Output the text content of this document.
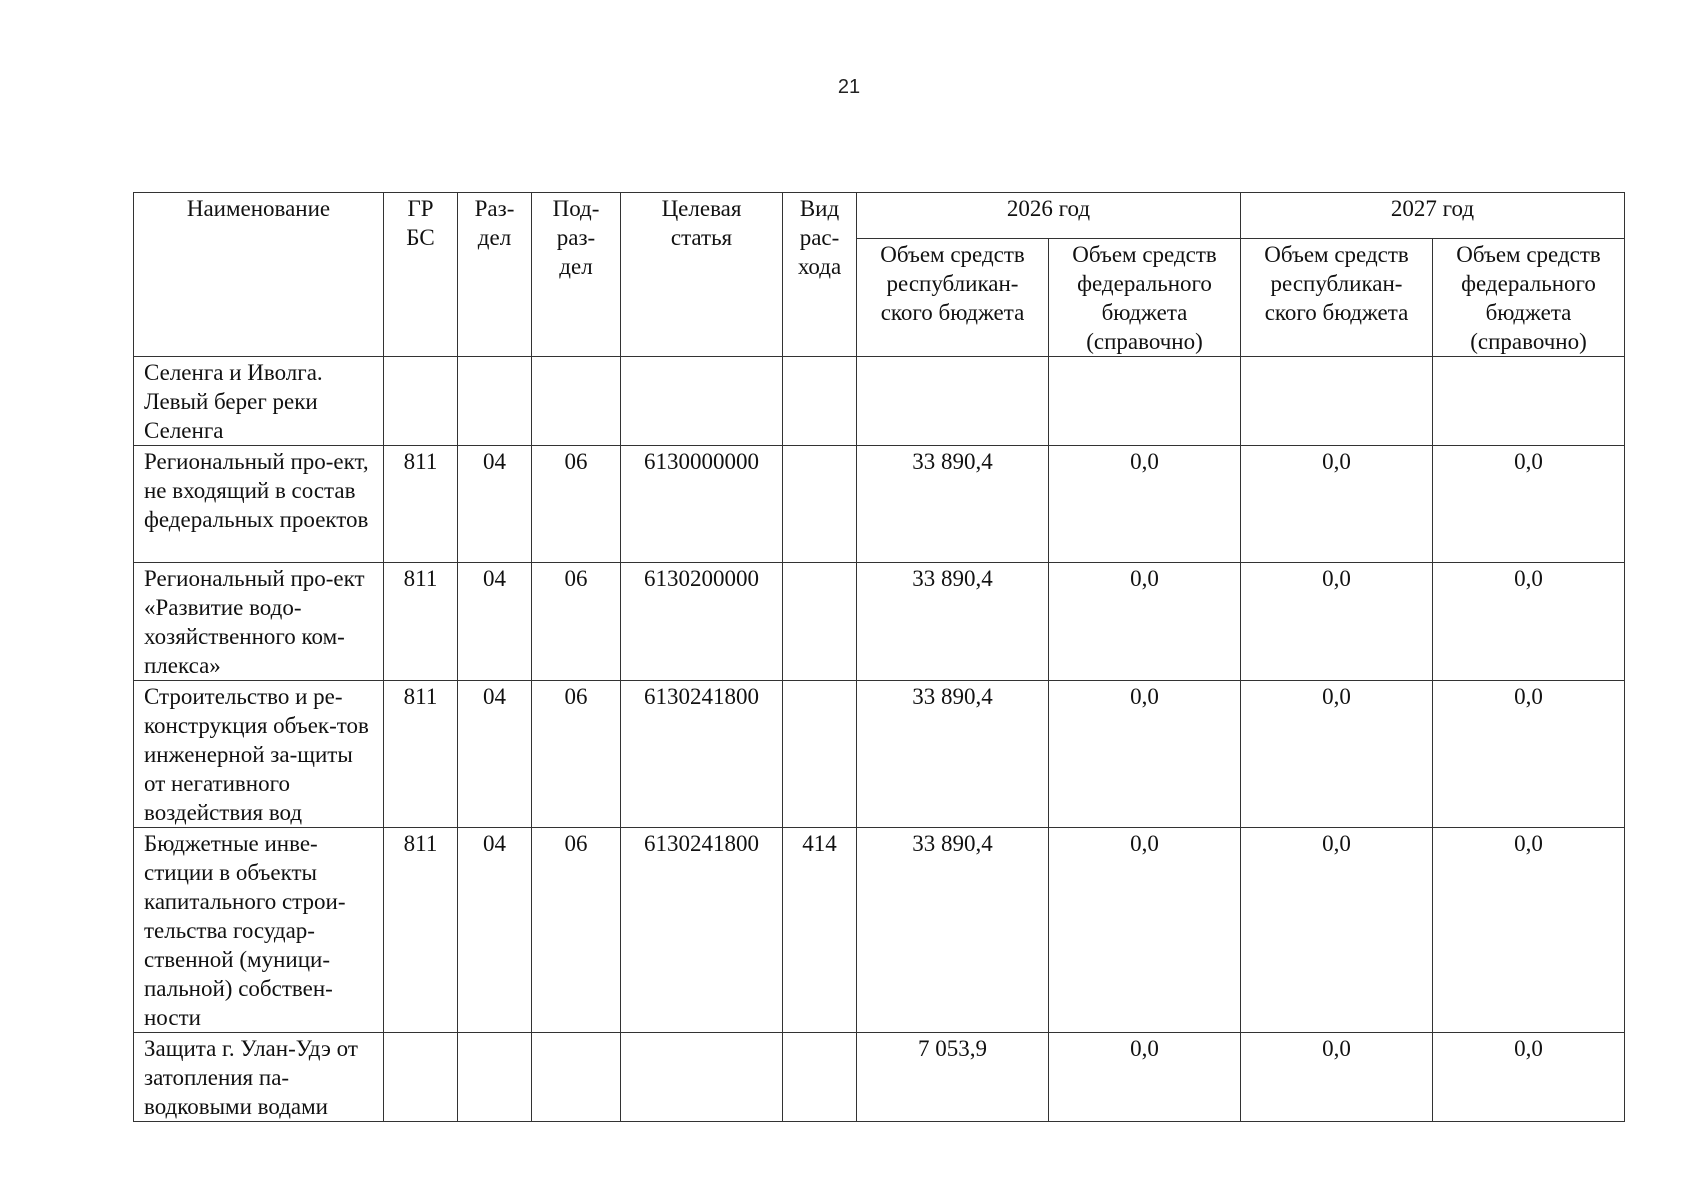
21
Наименование	ГР БС	Раз-дел	Под-раз-дел	Целевая статья	Вид рас-хода	2026 год		2027 год	
						Объем средств республикан-ского бюджета	Объем средств федерального бюджета (справочно)	Объем средств республикан-ского бюджета	Объем средств федерального бюджета (справочно)
Селенга и Иволга. Левый берег реки Селенга									
Региональный про-ект, не входящий в состав федеральных проектов	811	04	06	6130000000		33 890,4	0,0	0,0	0,0
Региональный про-ект «Развитие водо-хозяйственного ком-плекса»	811	04	06	6130200000		33 890,4	0,0	0,0	0,0
Строительство и ре-конструкция объек-тов инженерной за-щиты от негативного воздействия вод	811	04	06	6130241800		33 890,4	0,0	0,0	0,0
Бюджетные инве-стиции в объекты капитального строи-тельства государ-ственной (муници-пальной) собствен-ности	811	04	06	6130241800	414	33 890,4	0,0	0,0	0,0
Защита г. Улан-Удэ от затопления па-водковыми водами						7 053,9	0,0	0,0	0,0
